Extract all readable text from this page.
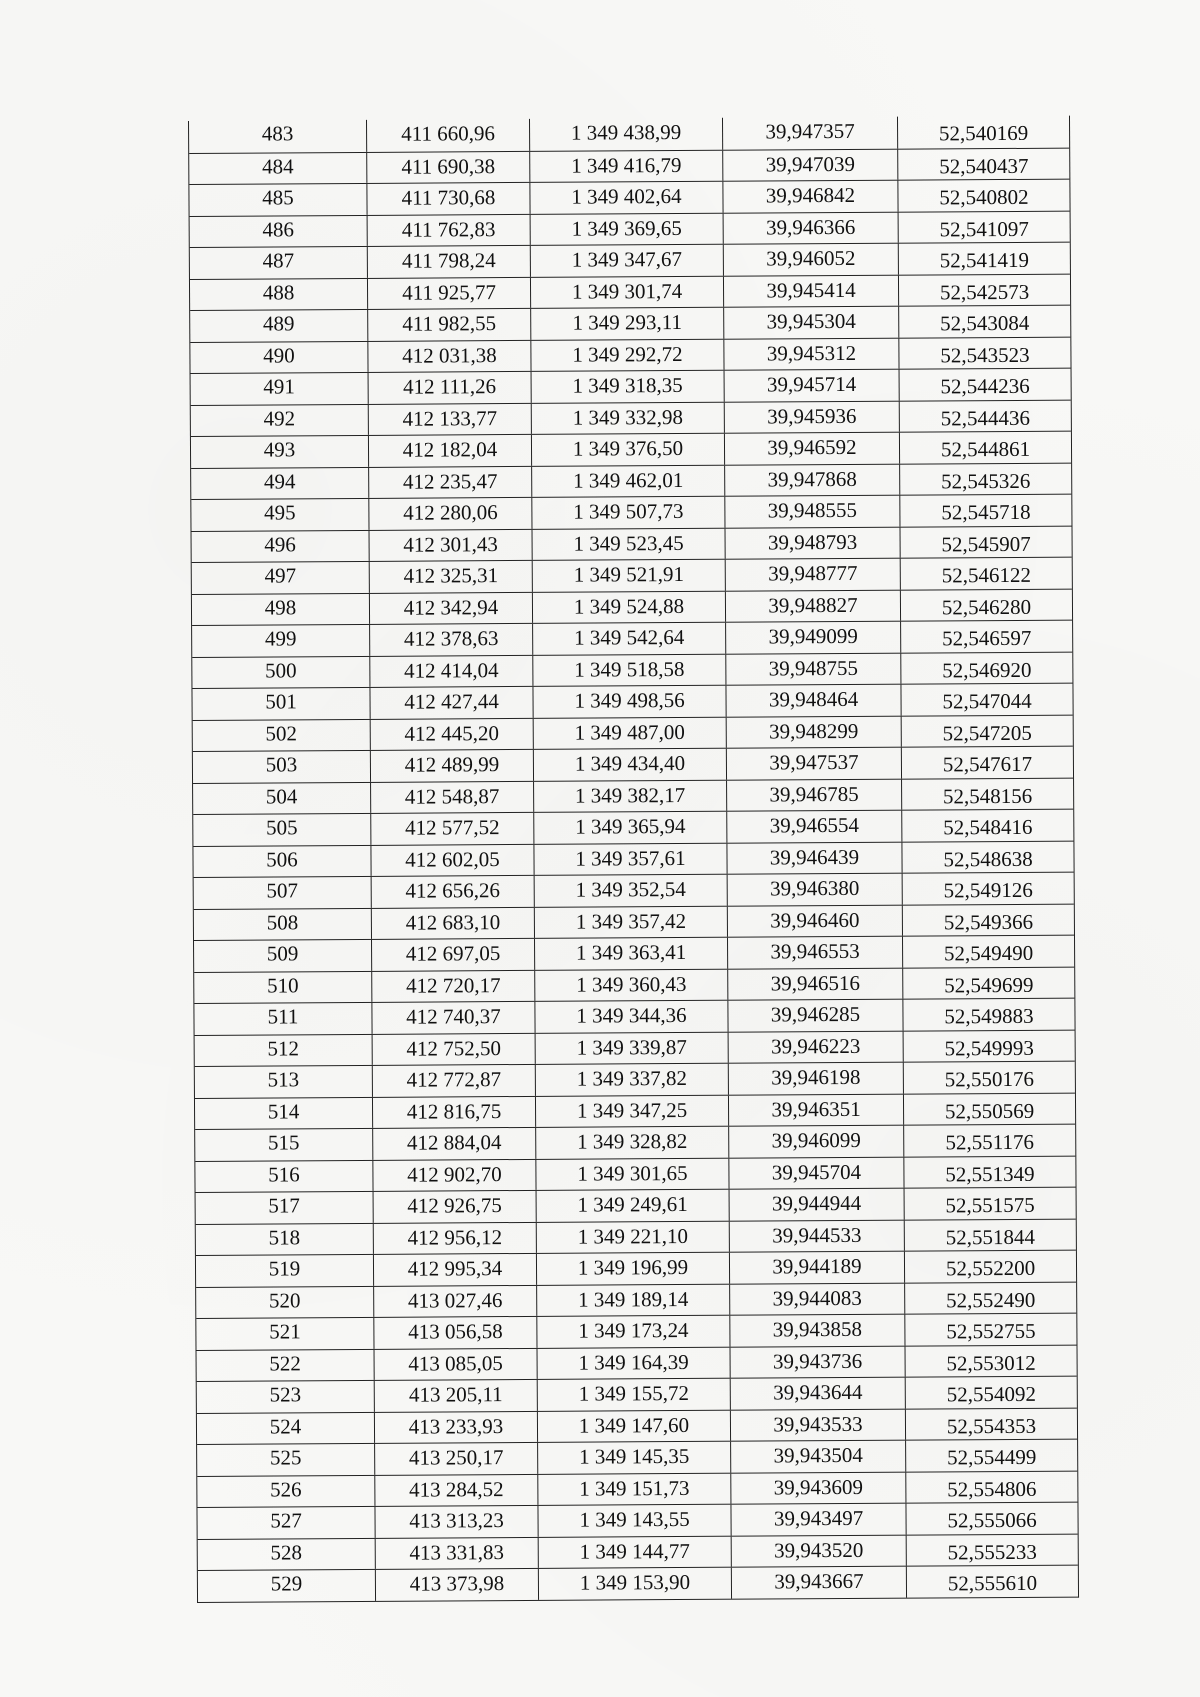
483	411 660,96	1 349 438,99	39,947357	52,540169
484	411 690,38	1 349 416,79	39,947039	52,540437
485	411 730,68	1 349 402,64	39,946842	52,540802
486	411 762,83	1 349 369,65	39,946366	52,541097
487	411 798,24	1 349 347,67	39,946052	52,541419
488	411 925,77	1 349 301,74	39,945414	52,542573
489	411 982,55	1 349 293,11	39,945304	52,543084
490	412 031,38	1 349 292,72	39,945312	52,543523
491	412 111,26	1 349 318,35	39,945714	52,544236
492	412 133,77	1 349 332,98	39,945936	52,544436
493	412 182,04	1 349 376,50	39,946592	52,544861
494	412 235,47	1 349 462,01	39,947868	52,545326
495	412 280,06	1 349 507,73	39,948555	52,545718
496	412 301,43	1 349 523,45	39,948793	52,545907
497	412 325,31	1 349 521,91	39,948777	52,546122
498	412 342,94	1 349 524,88	39,948827	52,546280
499	412 378,63	1 349 542,64	39,949099	52,546597
500	412 414,04	1 349 518,58	39,948755	52,546920
501	412 427,44	1 349 498,56	39,948464	52,547044
502	412 445,20	1 349 487,00	39,948299	52,547205
503	412 489,99	1 349 434,40	39,947537	52,547617
504	412 548,87	1 349 382,17	39,946785	52,548156
505	412 577,52	1 349 365,94	39,946554	52,548416
506	412 602,05	1 349 357,61	39,946439	52,548638
507	412 656,26	1 349 352,54	39,946380	52,549126
508	412 683,10	1 349 357,42	39,946460	52,549366
509	412 697,05	1 349 363,41	39,946553	52,549490
510	412 720,17	1 349 360,43	39,946516	52,549699
511	412 740,37	1 349 344,36	39,946285	52,549883
512	412 752,50	1 349 339,87	39,946223	52,549993
513	412 772,87	1 349 337,82	39,946198	52,550176
514	412 816,75	1 349 347,25	39,946351	52,550569
515	412 884,04	1 349 328,82	39,946099	52,551176
516	412 902,70	1 349 301,65	39,945704	52,551349
517	412 926,75	1 349 249,61	39,944944	52,551575
518	412 956,12	1 349 221,10	39,944533	52,551844
519	412 995,34	1 349 196,99	39,944189	52,552200
520	413 027,46	1 349 189,14	39,944083	52,552490
521	413 056,58	1 349 173,24	39,943858	52,552755
522	413 085,05	1 349 164,39	39,943736	52,553012
523	413 205,11	1 349 155,72	39,943644	52,554092
524	413 233,93	1 349 147,60	39,943533	52,554353
525	413 250,17	1 349 145,35	39,943504	52,554499
526	413 284,52	1 349 151,73	39,943609	52,554806
527	413 313,23	1 349 143,55	39,943497	52,555066
528	413 331,83	1 349 144,77	39,943520	52,555233
529	413 373,98	1 349 153,90	39,943667	52,555610
